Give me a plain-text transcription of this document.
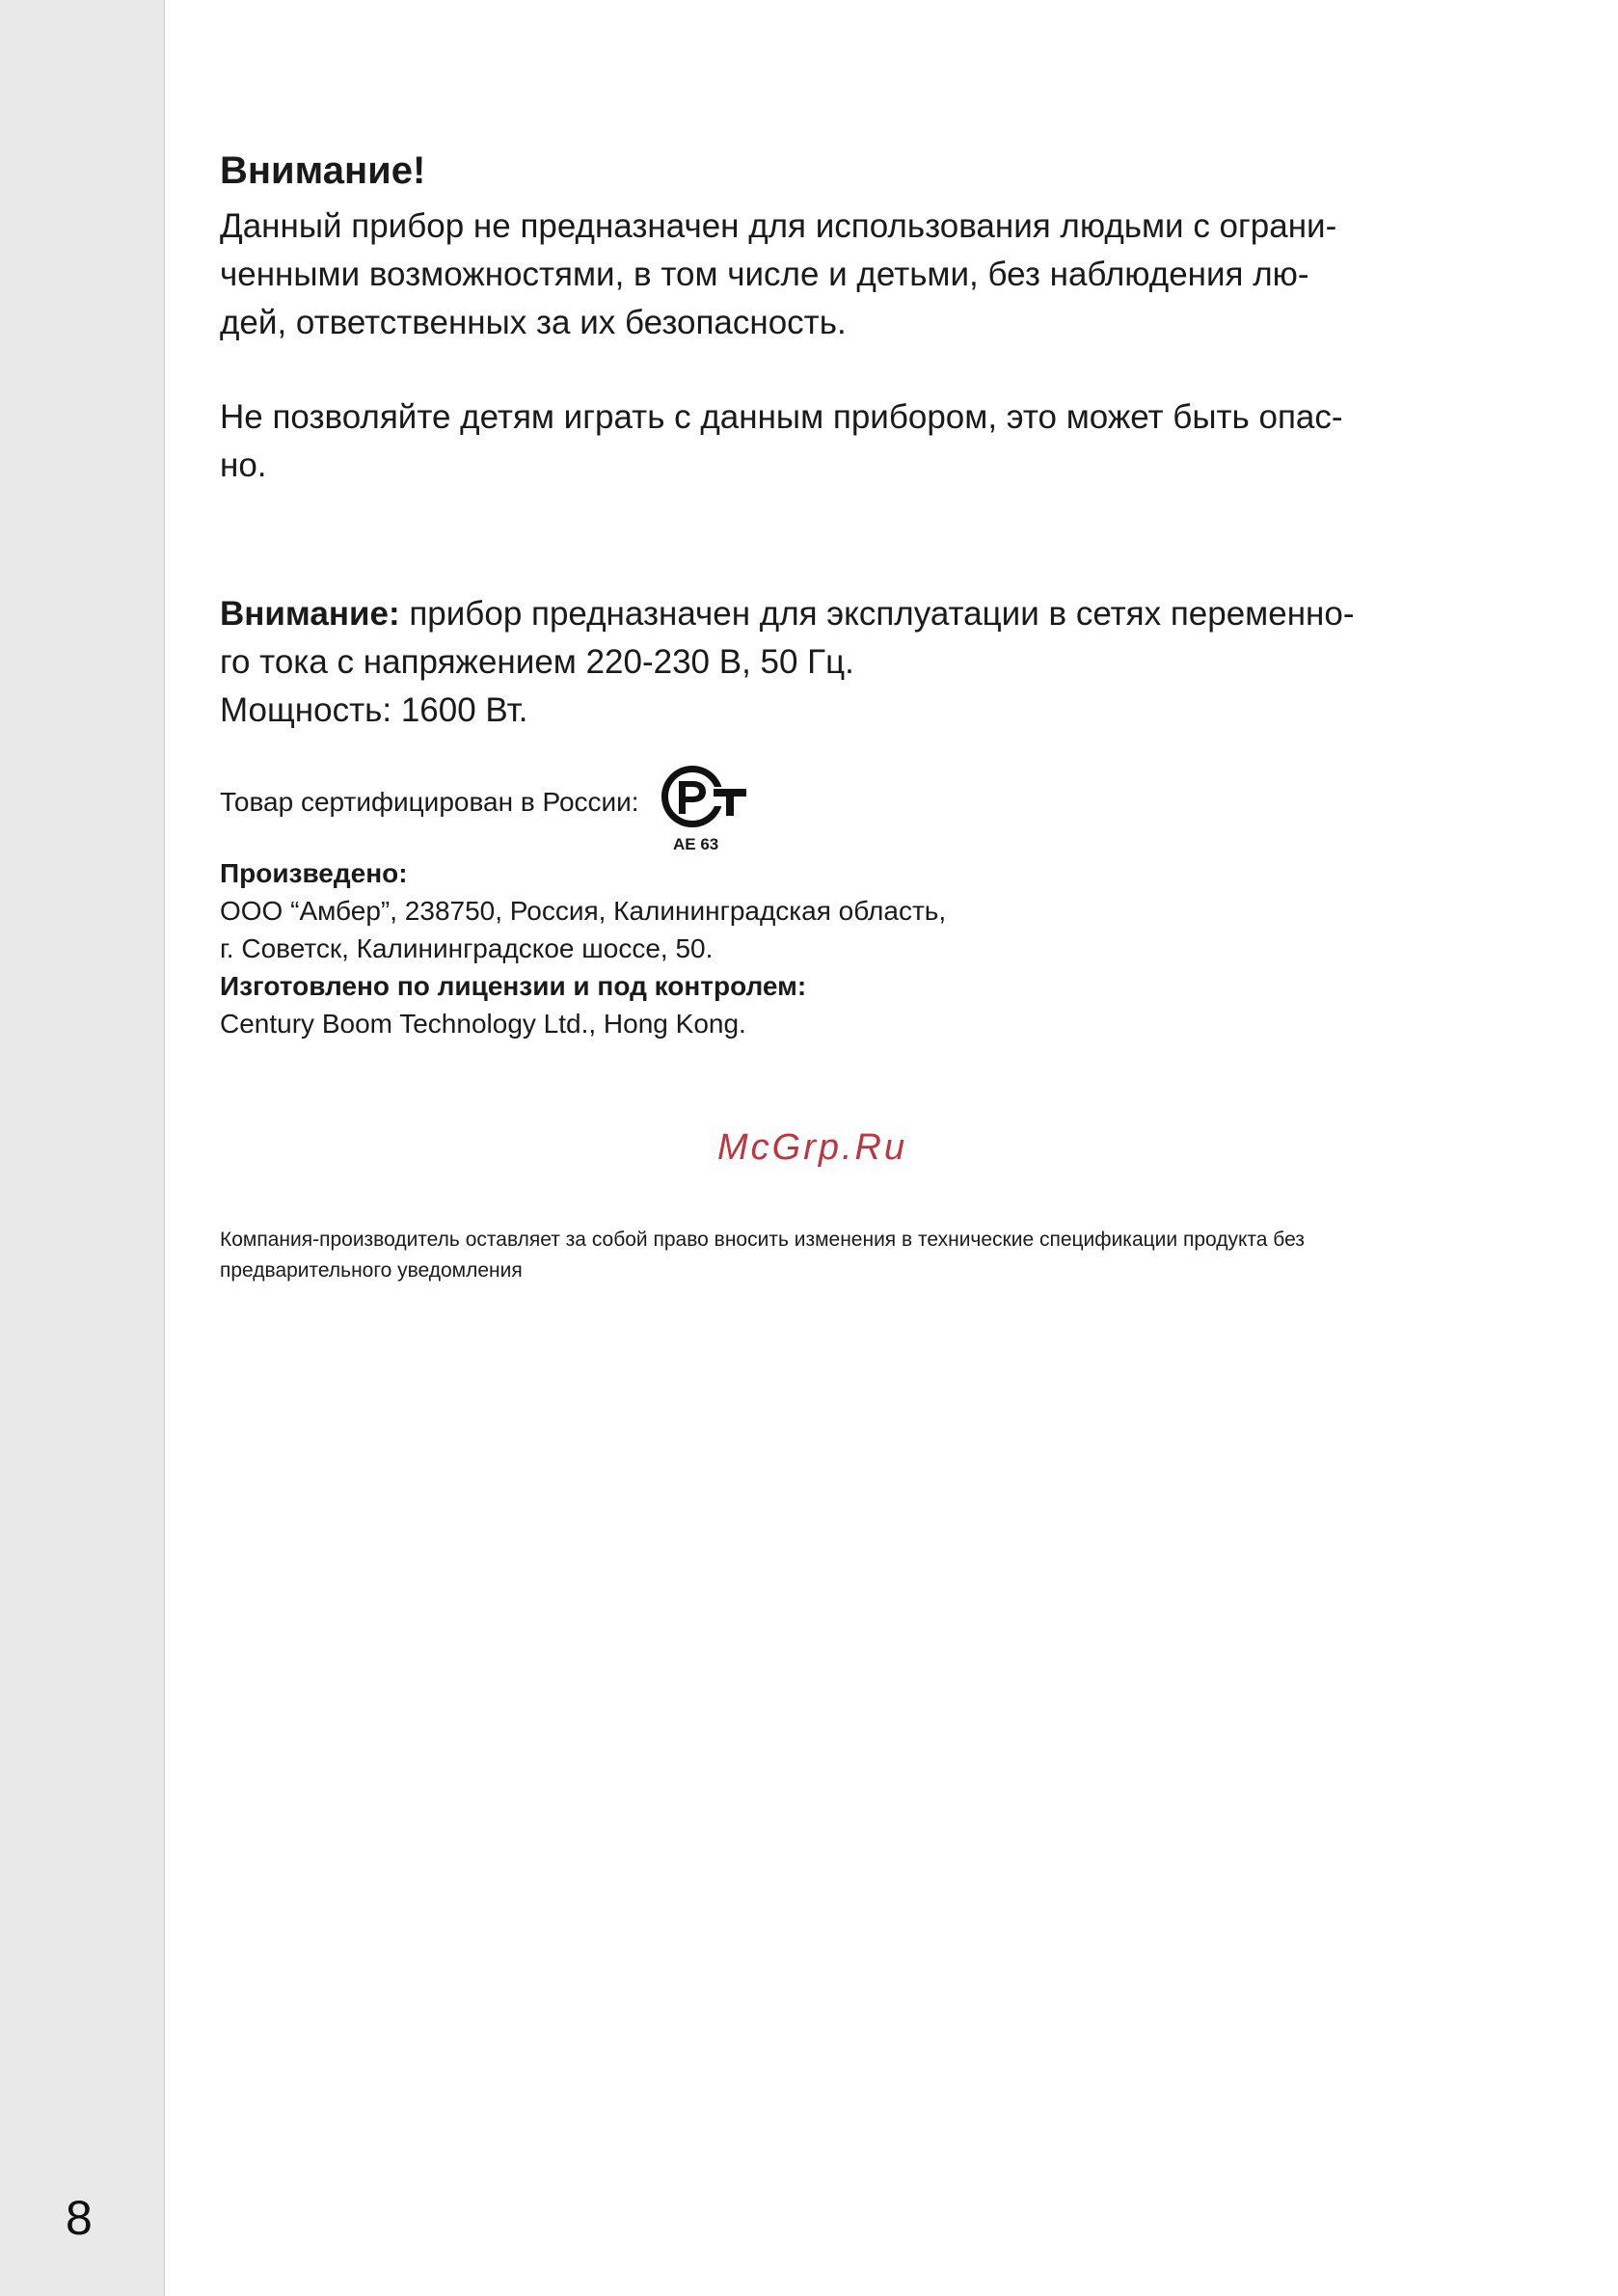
8
Внимание!
Данный прибор не предназначен для использования людьми с ограни-
ченными возможностями, в том числе и детьми, без наблюдения лю-
дей, ответственных за их безопасность.
Не позволяйте детям играть с данным прибором, это может быть опас-
но.
Внимание: прибор предназначен для эксплуатации в сетях переменно-
го тока с напряжением 220-230 В, 50 Гц.
Мощность: 1600 Вт.
Товар сертифицирован в России:
AE 63
Произведено:
ООО “Амбер”, 238750, Россия, Калининградская область,
г. Советск, Калининградское шоссе, 50.
Изготовлено по лицензии и под контролем:
Century Boom Technology Ltd., Hong Kong.
McGrp.Ru
Компания-производитель оставляет за собой право вносить изменения в технические спецификации продукта без
предварительного уведомления
